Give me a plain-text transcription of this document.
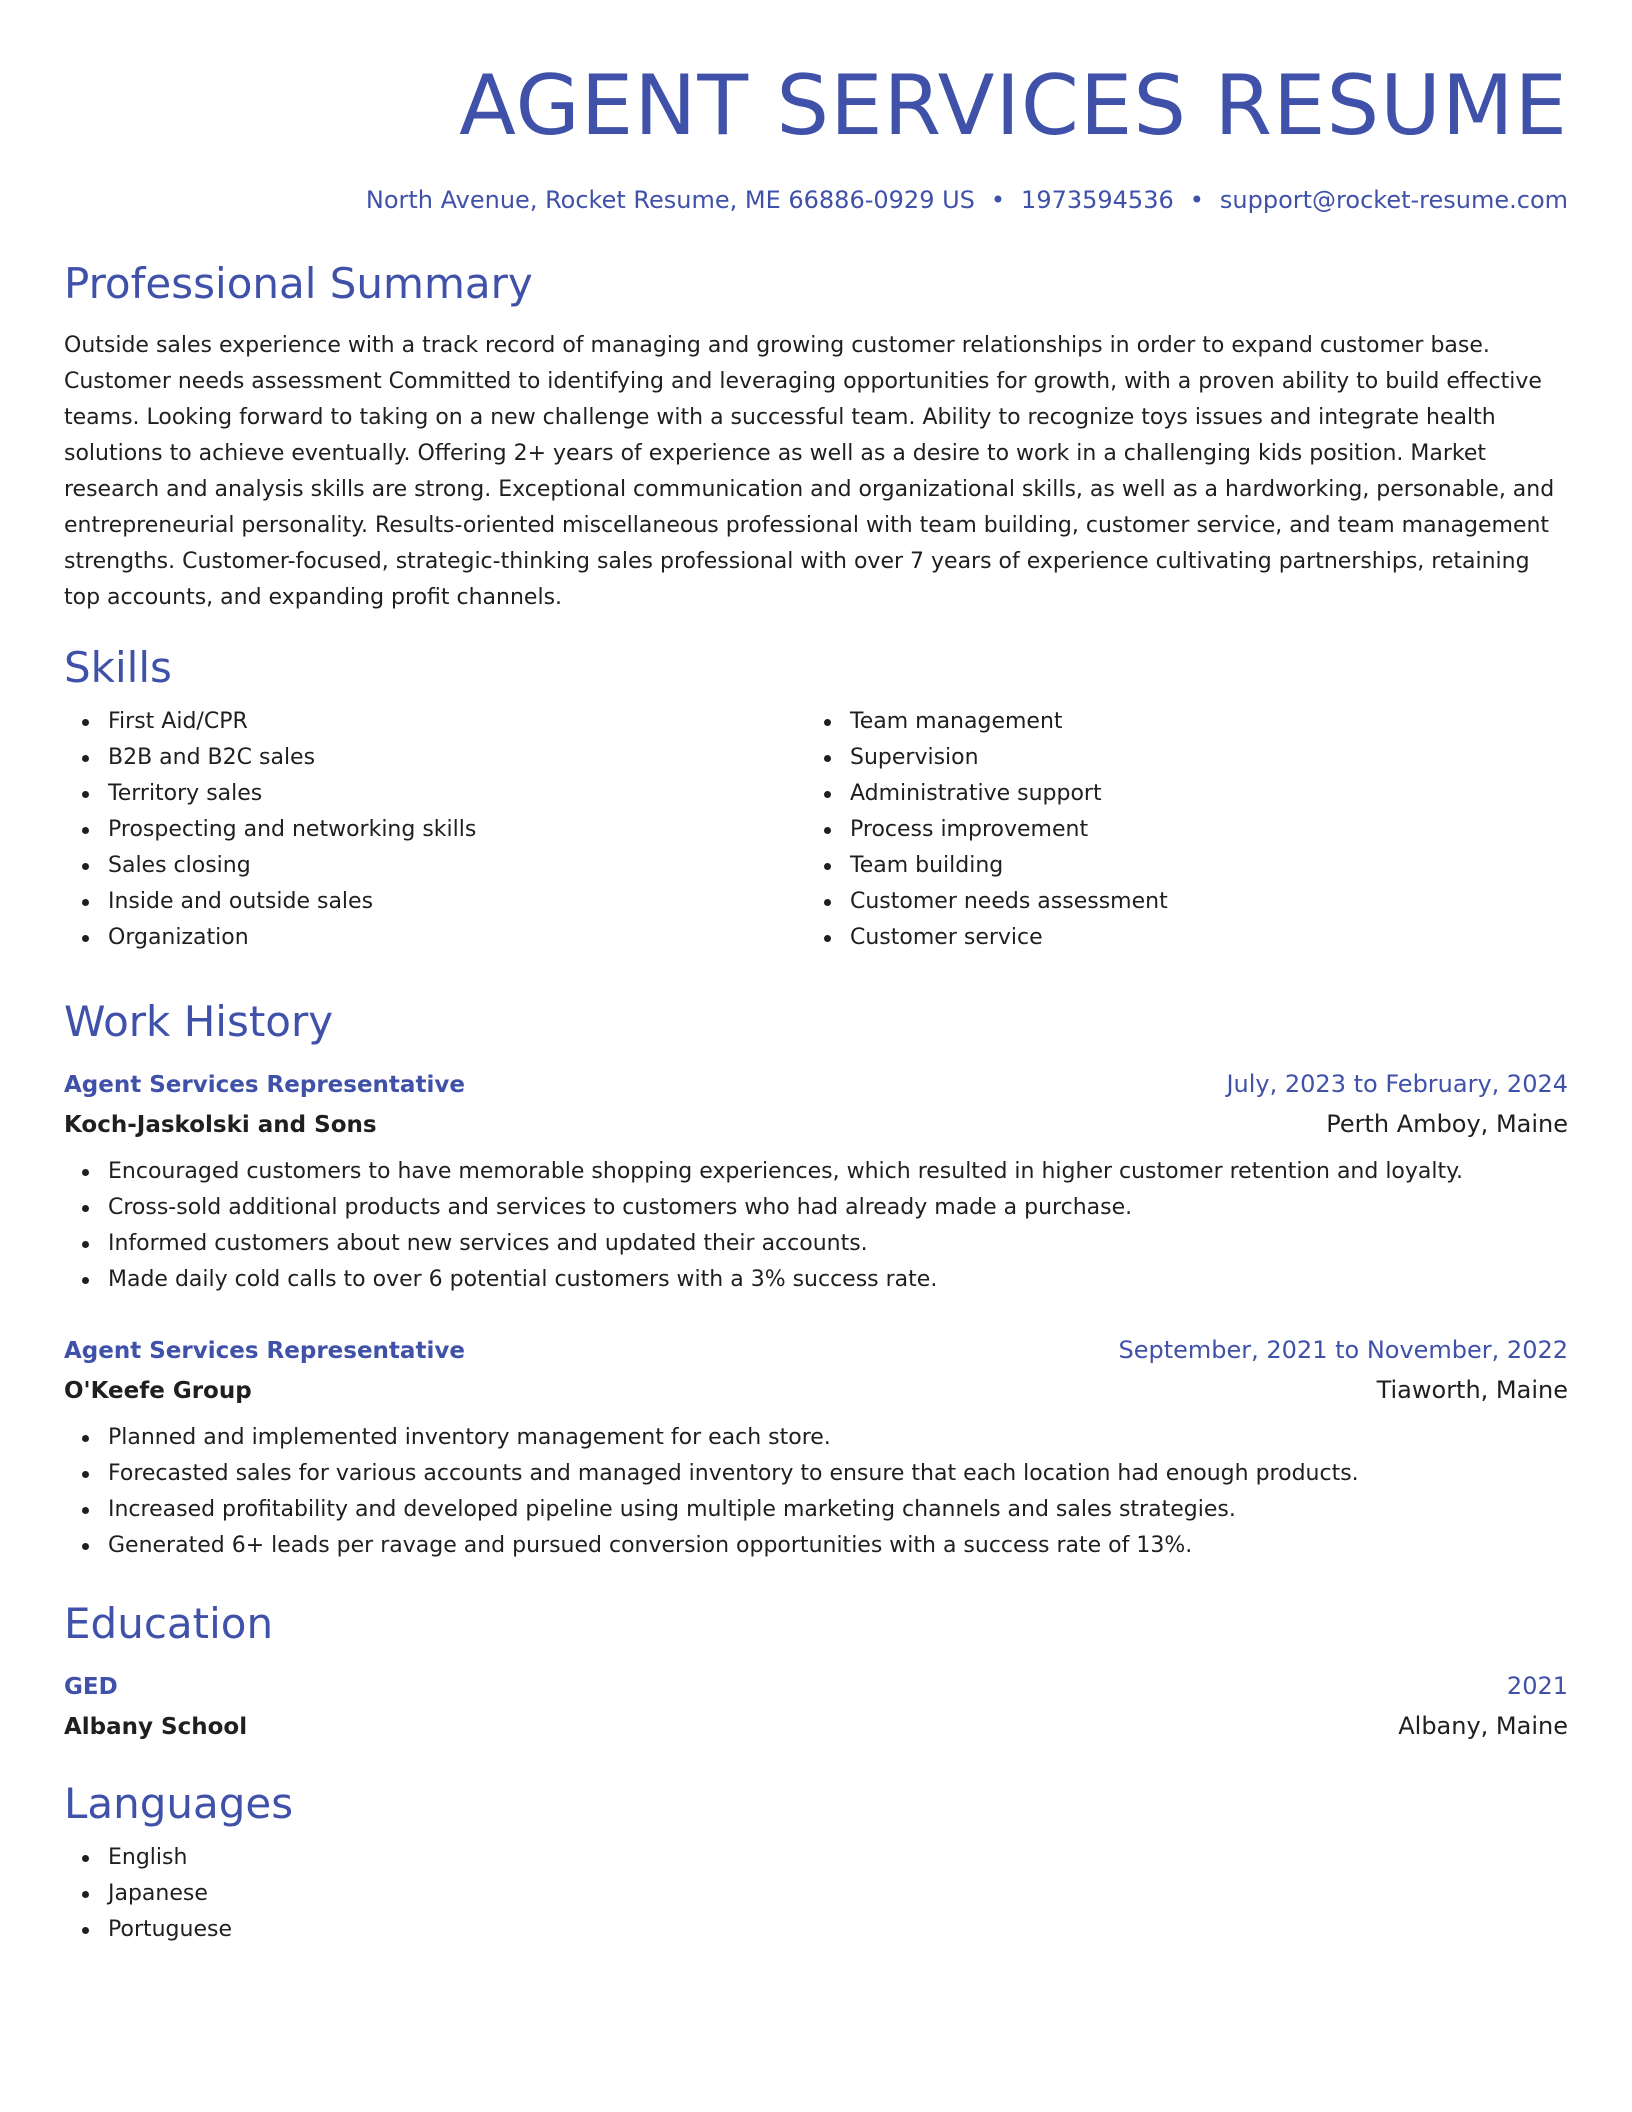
AGENT SERVICES RESUME
North Avenue, Rocket Resume, ME 66886-0929 US • 1973594536 • support@rocket-resume.com
Professional Summary
Outside sales experience with a track record of managing and growing customer relationships in order to expand customer base. Customer needs assessment Committed to identifying and leveraging opportunities for growth, with a proven ability to build effective teams. Looking forward to taking on a new challenge with a successful team. Ability to recognize toys issues and integrate health solutions to achieve eventually. Offering 2+ years of experience as well as a desire to work in a challenging kids position. Market research and analysis skills are strong. Exceptional communication and organizational skills, as well as a hardworking, personable, and entrepreneurial personality. Results-oriented miscellaneous professional with team building, customer service, and team management strengths. Customer-focused, strategic-thinking sales professional with over 7 years of experience cultivating partnerships, retaining top accounts, and expanding profit channels.
Skills
First Aid/CPR
B2B and B2C sales
Territory sales
Prospecting and networking skills
Sales closing
Inside and outside sales
Organization
Team management
Supervision
Administrative support
Process improvement
Team building
Customer needs assessment
Customer service
Work History
Agent Services Representative	July, 2023 to February, 2024
Koch-Jaskolski and Sons	Perth Amboy, Maine
Encouraged customers to have memorable shopping experiences, which resulted in higher customer retention and loyalty.
Cross-sold additional products and services to customers who had already made a purchase.
Informed customers about new services and updated their accounts.
Made daily cold calls to over 6 potential customers with a 3% success rate.
Agent Services Representative	September, 2021 to November, 2022
O'Keefe Group	Tiaworth, Maine
Planned and implemented inventory management for each store.
Forecasted sales for various accounts and managed inventory to ensure that each location had enough products.
Increased profitability and developed pipeline using multiple marketing channels and sales strategies.
Generated 6+ leads per ravage and pursued conversion opportunities with a success rate of 13%.
Education
GED	2021
Albany School	Albany, Maine
Languages
English
Japanese
Portuguese
